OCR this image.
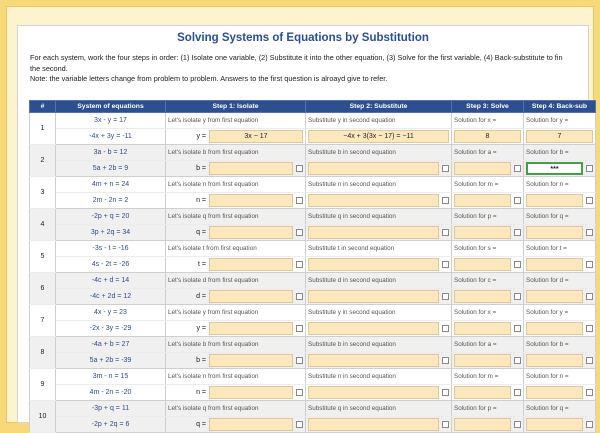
Solving Systems of Equations by Substitution
For each system, work the four steps in order: (1) Isolate one variable, (2) Substitute it into the other equation, (3) Solve for the first variable, (4) Back-substitute to fin
the second.
Note: the variable letters change from problem to problem. Answers to the first question is alroayd give to refer.
#	System of equations	Step 1: Isolate	Step 2: Substitute	Step 3: Solve	Step 4: Back-sub
1	3x - y = 17	Let's isolate y from first equation	Substitute y in second equation	Solution for x =	Solution for y =
	-4x + 3y = -11	y = 3x − 17	−4x + 3(3x − 17) = −11	8	7

2	3a - b = 12	Let's isolate b from first equation	Substitute b in second equation	Solution for a =	Solution for b =
	5a + 2b = 9	b =			***

3	4m + n = 24	Let's isolate n from first equation	Substitute n in second equation	Solution for m =	Solution for n =
	2m - 2n = 2	n =			

4	-2p + q = 20	Let's isolate q from first equation	Substitute q in second equation	Solution for p =	Solution for q =
	3p + 2q = 34	q =			

5	-3s - t = -16	Let's isolate t from first equation	Substitute t in second equation	Solution for s =	Solution for t =
	4s - 2t = -26	t =			

6	-4c + d = 14	Let's isolate d from first equation	Substitute d in second equation	Solution for c =	Solution for d =
	-4c + 2d = 12	d =			

7	4x - y = 23	Let's isolate y from first equation	Substitute y in second equation	Solution for x =	Solution for y =
	-2x - 3y = -29	y =			

8	-4a + b = 27	Let's isolate b from first equation	Substitute b in second equation	Solution for a =	Solution for b =
	5a + 2b = -39	b =			

9	3m - n = 15	Let's isolate n from first equation	Substitute n in second equation	Solution for m =	Solution for n =
	4m - 2n = -20	n =			

10	-3p + q = 11	Let's isolate q from first equation	Substitute q in second equation	Solution for p =	Solution for q =
	-2p + 2q = 6	q =			
